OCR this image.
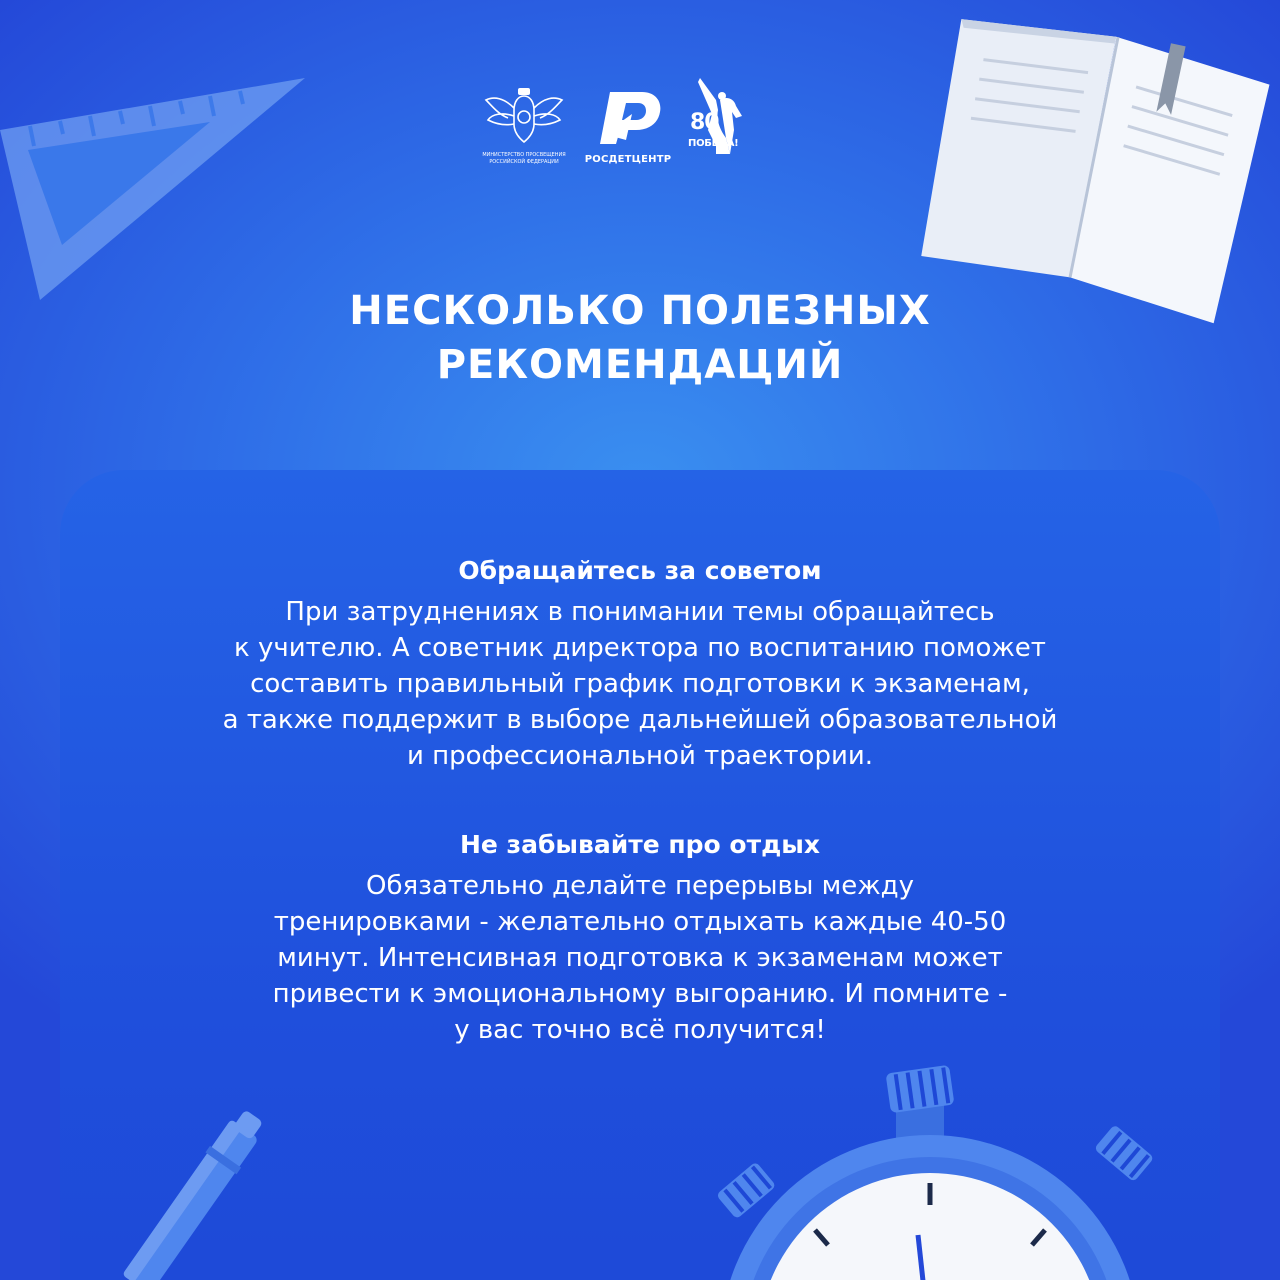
МИНИСТЕРСТВО ПРОСВЕЩЕНИЯ
РОССИЙСКОЙ ФЕДЕРАЦИИ	РОСДЕТЦЕНТР
80
ПОБЕДА!
НЕСКОЛЬКО ПОЛЕЗНЫХ
РЕКОМЕНДАЦИЙ
Обращайтесь за советом
При затруднениях в понимании темы обращайтесь
к учителю. А советник директора по воспитанию поможет
составить правильный график подготовки к экзаменам,
а также поддержит в выборе дальнейшей образовательной
и профессиональной траектории.
Не забывайте про отдых
Обязательно делайте перерывы между
тренировками - желательно отдыхать каждые 40-50
минут. Интенсивная подготовка к экзаменам может
привести к эмоциональному выгоранию. И помните -
у вас точно всё получится!
